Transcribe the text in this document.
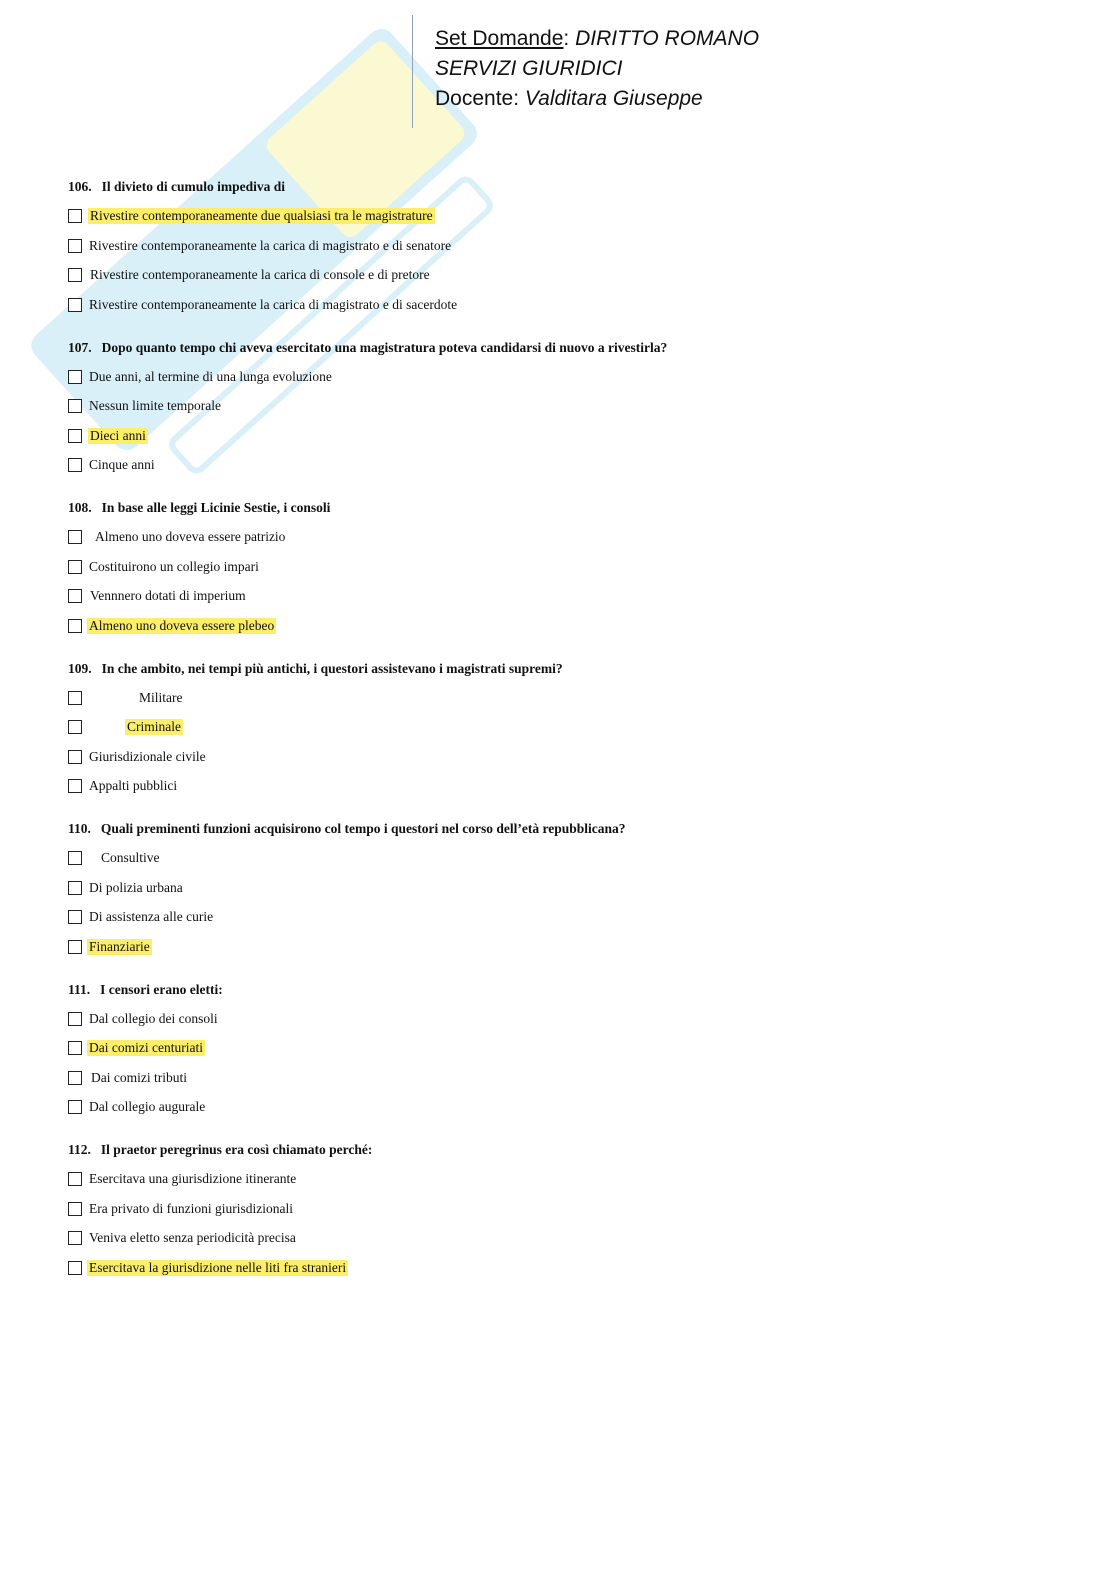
Set Domande: DIRITTO ROMANO
SERVIZI GIURIDICI
Docente: Valditara Giuseppe
106. Il divieto di cumulo impediva di
Rivestire contemporaneamente due qualsiasi tra le magistrature
Rivestire contemporaneamente la carica di magistrato e di senatore
Rivestire contemporaneamente la carica di console e di pretore
Rivestire contemporaneamente la carica di magistrato e di sacerdote
107. Dopo quanto tempo chi aveva esercitato una magistratura poteva candidarsi di nuovo a rivestirla?
Due anni, al termine di una lunga evoluzione
Nessun limite temporale
Dieci anni
Cinque anni
108. In base alle leggi Licinie Sestie, i consoli
Almeno uno doveva essere patrizio
Costituirono un collegio impari
Vennnero dotati di imperium
Almeno uno doveva essere plebeo
109. In che ambito, nei tempi più antichi, i questori assistevano i magistrati supremi?
Militare
Criminale
Giurisdizionale civile
Appalti pubblici
110. Quali preminenti funzioni acquisirono col tempo i questori nel corso dell’età repubblicana?
Consultive
Di polizia urbana
Di assistenza alle curie
Finanziarie
111. I censori erano eletti:
Dal collegio dei consoli
Dai comizi centuriati
Dai comizi tributi
Dal collegio augurale
112. Il praetor peregrinus era così chiamato perché:
Esercitava una giurisdizione itinerante
Era privato di funzioni giurisdizionali
Veniva eletto senza periodicità precisa
Esercitava la giurisdizione nelle liti fra stranieri
